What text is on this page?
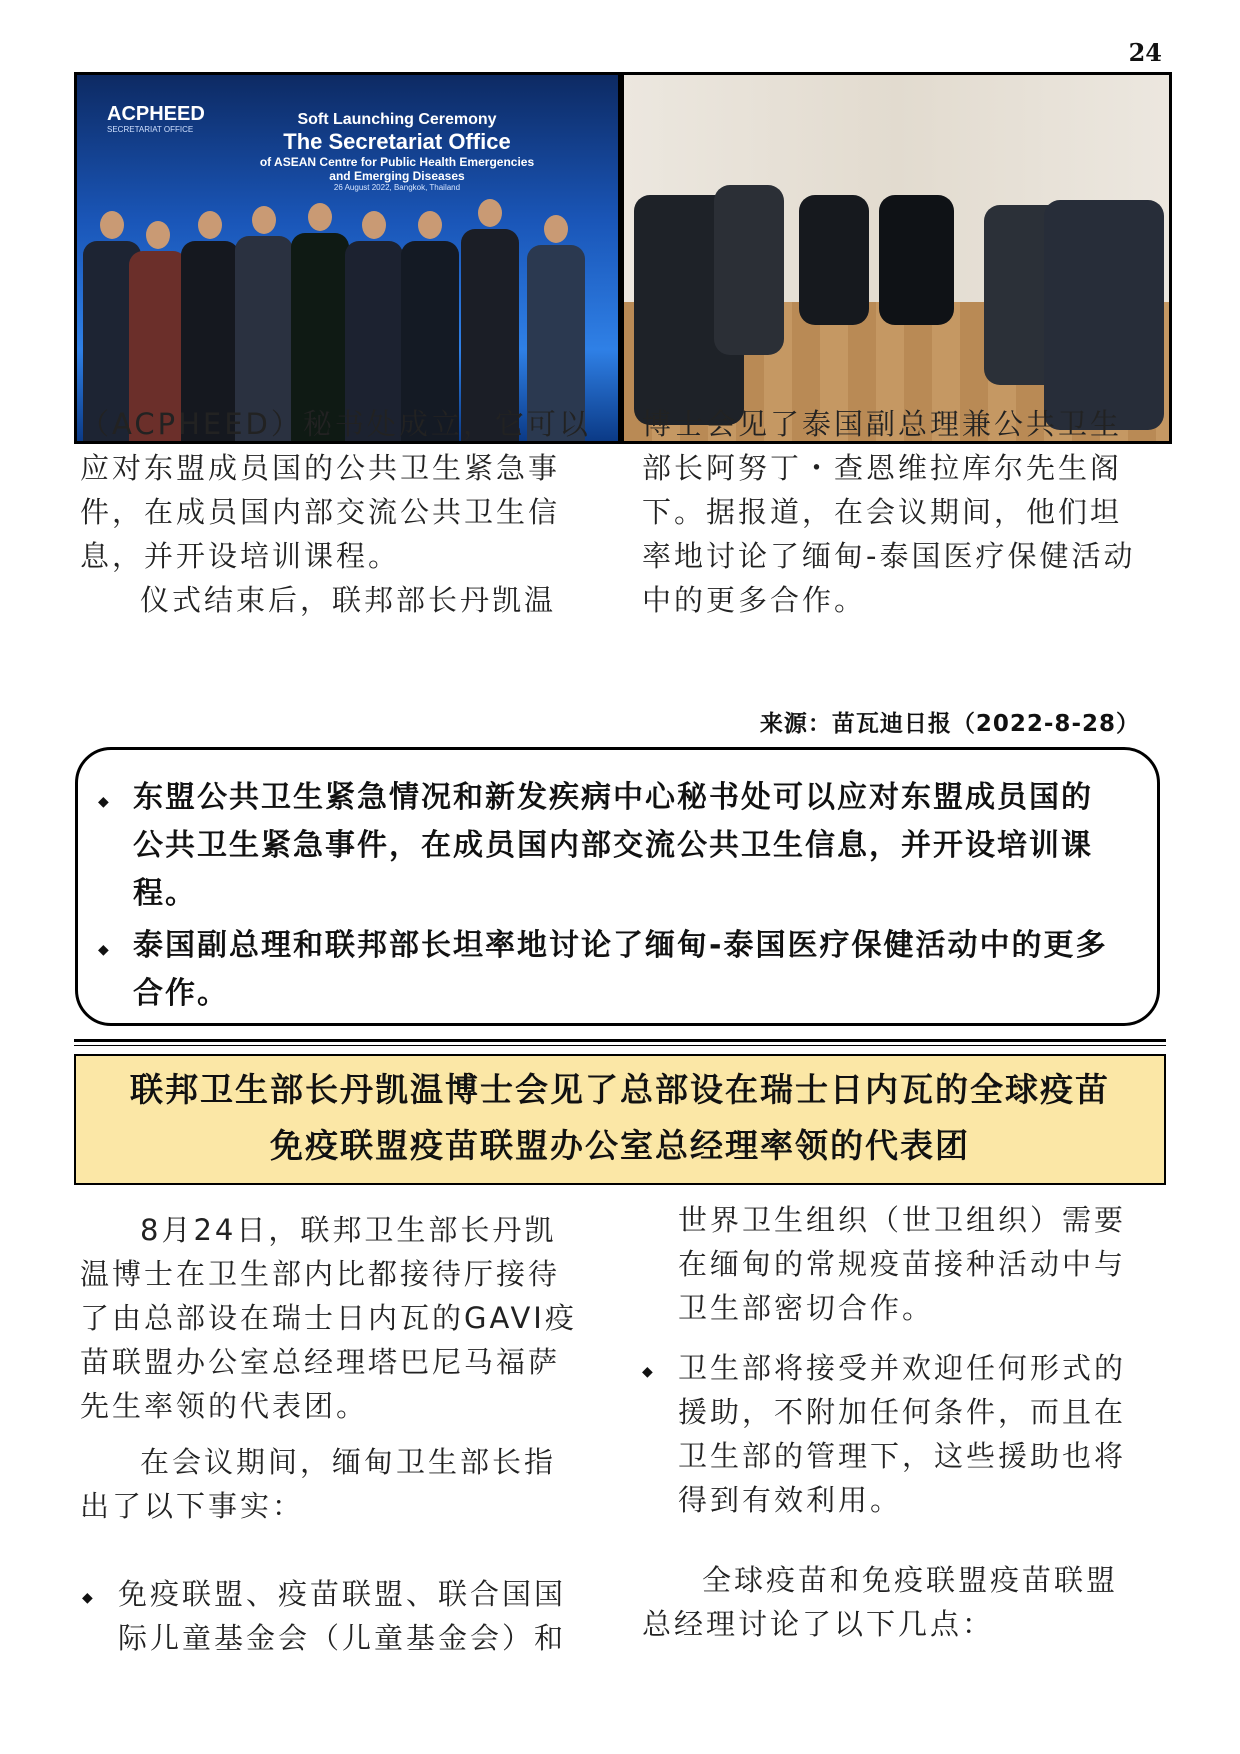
24
ACPHEED
SECRETARIAT OFFICE
Soft Launching Ceremony
The Secretariat Office
of ASEAN Centre for Public Health Emergencies
and Emerging Diseases
26 August 2022, Bangkok, Thailand

（ACPHEED）秘书处成立，它可以

应对东盟成员国的公共卫生紧急事

件，在成员国内部交流公共卫生信

息，并开设培训课程。

仪式结束后，联邦部长丹凯温

博士会见了泰国副总理兼公共卫生

部长阿努丁・查恩维拉库尔先生阁

下。据报道，在会议期间，他们坦

率地讨论了缅甸-泰国医疗保健活动

中的更多合作。

来源：苗瓦迪日报（2022-8-28）
◆ 东盟公共卫生紧急情况和新发疾病中心秘书处可以应对东盟成员国的
公共卫生紧急事件，在成员国内部交流公共卫生信息，并开设培训课
程。
◆ 泰国副总理和联邦部长坦率地讨论了缅甸-泰国医疗保健活动中的更多
合作。
联邦卫生部长丹凯温博士会见了总部设在瑞士日内瓦的全球疫苗
免疫联盟疫苗联盟办公室总经理率领的代表团

8月24日，联邦卫生部长丹凯

温博士在卫生部内比都接待厅接待

了由总部设在瑞士日内瓦的GAVI疫

苗联盟办公室总经理塔巴尼马福萨

先生率领的代表团。

在会议期间，缅甸卫生部长指

出了以下事实：

◆ 免疫联盟、疫苗联盟、联合国国

际儿童基金会（儿童基金会）和

世界卫生组织（世卫组织）需要

在缅甸的常规疫苗接种活动中与

卫生部密切合作。

◆ 卫生部将接受并欢迎任何形式的

援助，不附加任何条件，而且在

卫生部的管理下，这些援助也将

得到有效利用。

全球疫苗和免疫联盟疫苗联盟

总经理讨论了以下几点：
